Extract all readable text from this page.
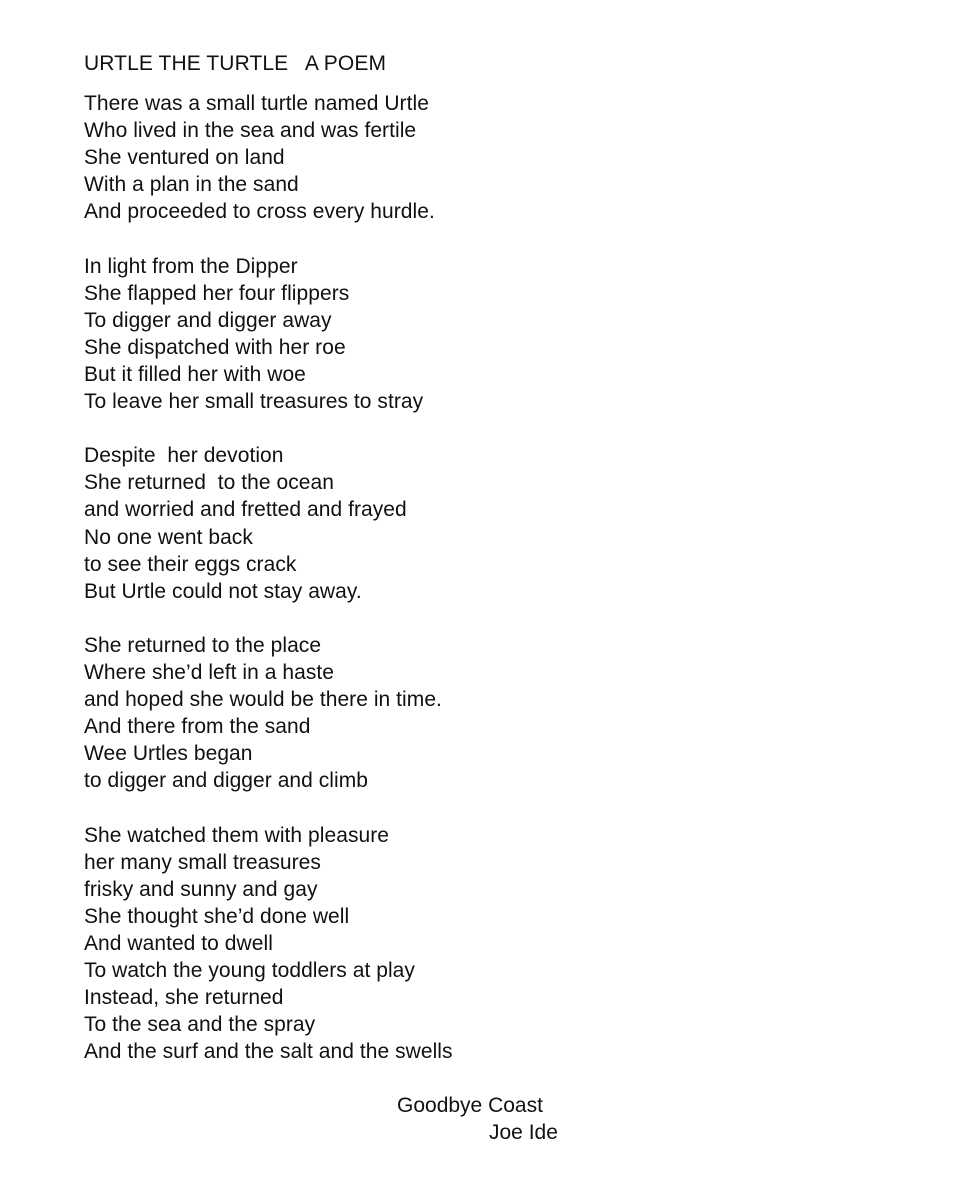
URTLE THE TURTLE   A POEM
There was a small turtle named Urtle
Who lived in the sea and was fertile
She ventured on land
With a plan in the sand
And proceeded to cross every hurdle.
In light from the Dipper
She flapped her four flippers
To digger and digger away
She dispatched with her roe
But it filled her with woe
To leave her small treasures to stray
Despite  her devotion
She returned  to the ocean
and worried and fretted and frayed
No one went back
to see their eggs crack
But Urtle could not stay away.
She returned to the place
Where she’d left in a haste
and hoped she would be there in time.
And there from the sand
Wee Urtles began
to digger and digger and climb
She watched them with pleasure
her many small treasures
frisky and sunny and gay
She thought she’d done well
And wanted to dwell
To watch the young toddlers at play
Instead, she returned
To the sea and the spray
And the surf and the salt and the swells
Goodbye Coast
Joe Ide
